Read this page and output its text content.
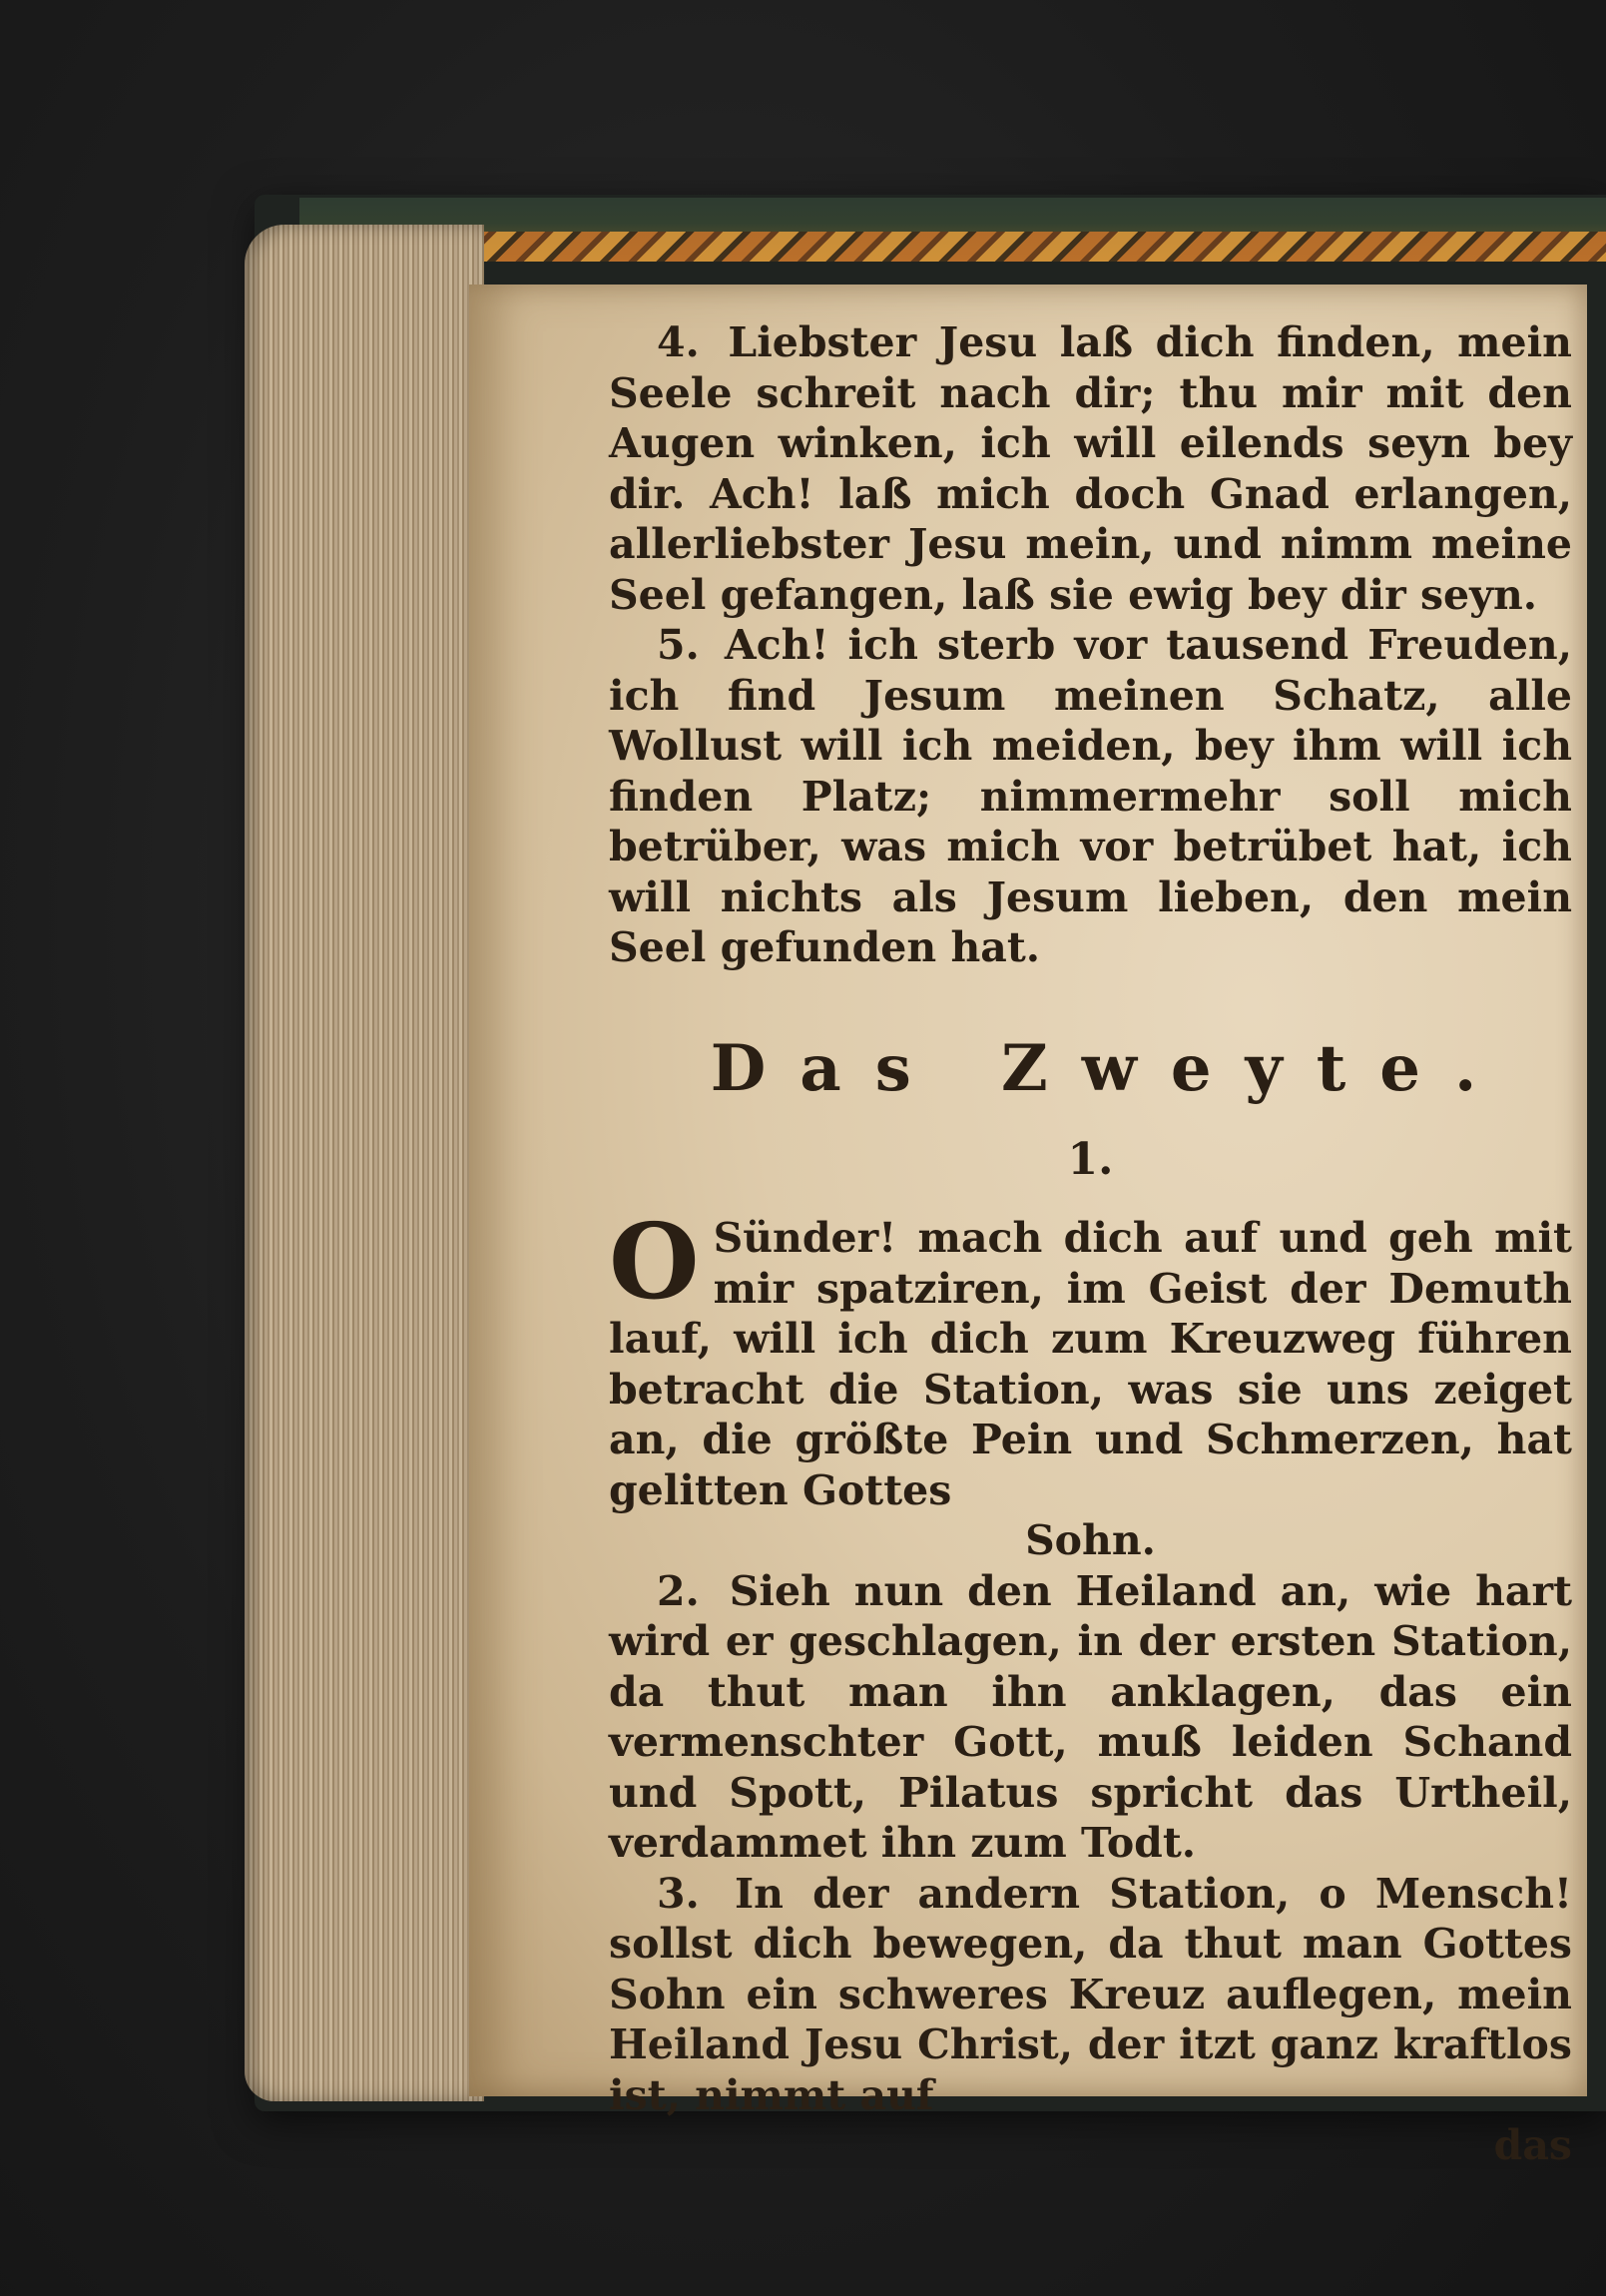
4. Liebster Jesu laß dich finden, mein Seele schreit nach dir; thu mir mit den Augen winken, ich will eilends seyn bey dir. Ach! laß mich doch Gnad erlangen, allerliebster Jesu mein, und nimm meine Seel gefangen, laß sie ewig bey dir seyn.

5. Ach! ich sterb vor tausend Freuden, ich find Jesum meinen Schatz, alle Wollust will ich meiden, bey ihm will ich finden Platz; nimmermehr soll mich betrüber, was mich vor betrübet hat, ich will nichts als Jesum lieben, den mein Seel gefunden hat.

Das Zweyte.
1.

O Sünder! mach dich auf und geh mit mir spatziren, im Geist der Demuth lauf, will ich dich zum Kreuzweg führen betracht die Station, was sie uns zeiget an, die größte Pein und Schmerzen, hat gelitten Gottes

Sohn.

2. Sieh nun den Heiland an, wie hart wird er geschlagen, in der ersten Station, da thut man ihn anklagen, das ein vermenschter Gott, muß leiden Schand und Spott, Pilatus spricht das Urtheil, verdammet ihn zum Todt.

3. In der andern Station, o Mensch! sollst dich bewegen, da thut man Gottes Sohn ein schweres Kreuz auflegen, mein Heiland Jesu Christ, der itzt ganz kraftlos ist, nimmt auf

das
